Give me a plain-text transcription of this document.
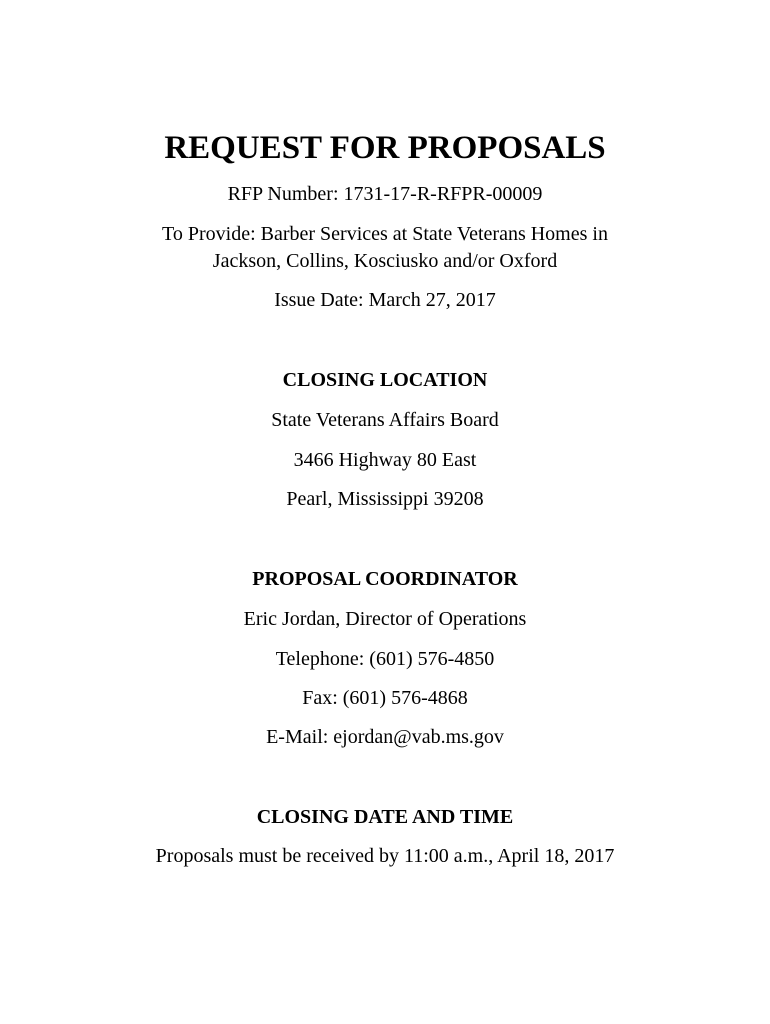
REQUEST FOR PROPOSALS
RFP Number: 1731-17-R-RFPR-00009
To Provide: Barber Services at State Veterans Homes in
Jackson, Collins, Kosciusko and/or Oxford
Issue Date: March 27, 2017
CLOSING LOCATION
State Veterans Affairs Board
3466 Highway 80 East
Pearl, Mississippi 39208
PROPOSAL COORDINATOR
Eric Jordan, Director of Operations
Telephone: (601) 576-4850
Fax: (601) 576-4868
E-Mail: ejordan@vab.ms.gov
CLOSING DATE AND TIME
Proposals must be received by 11:00 a.m., April 18, 2017
